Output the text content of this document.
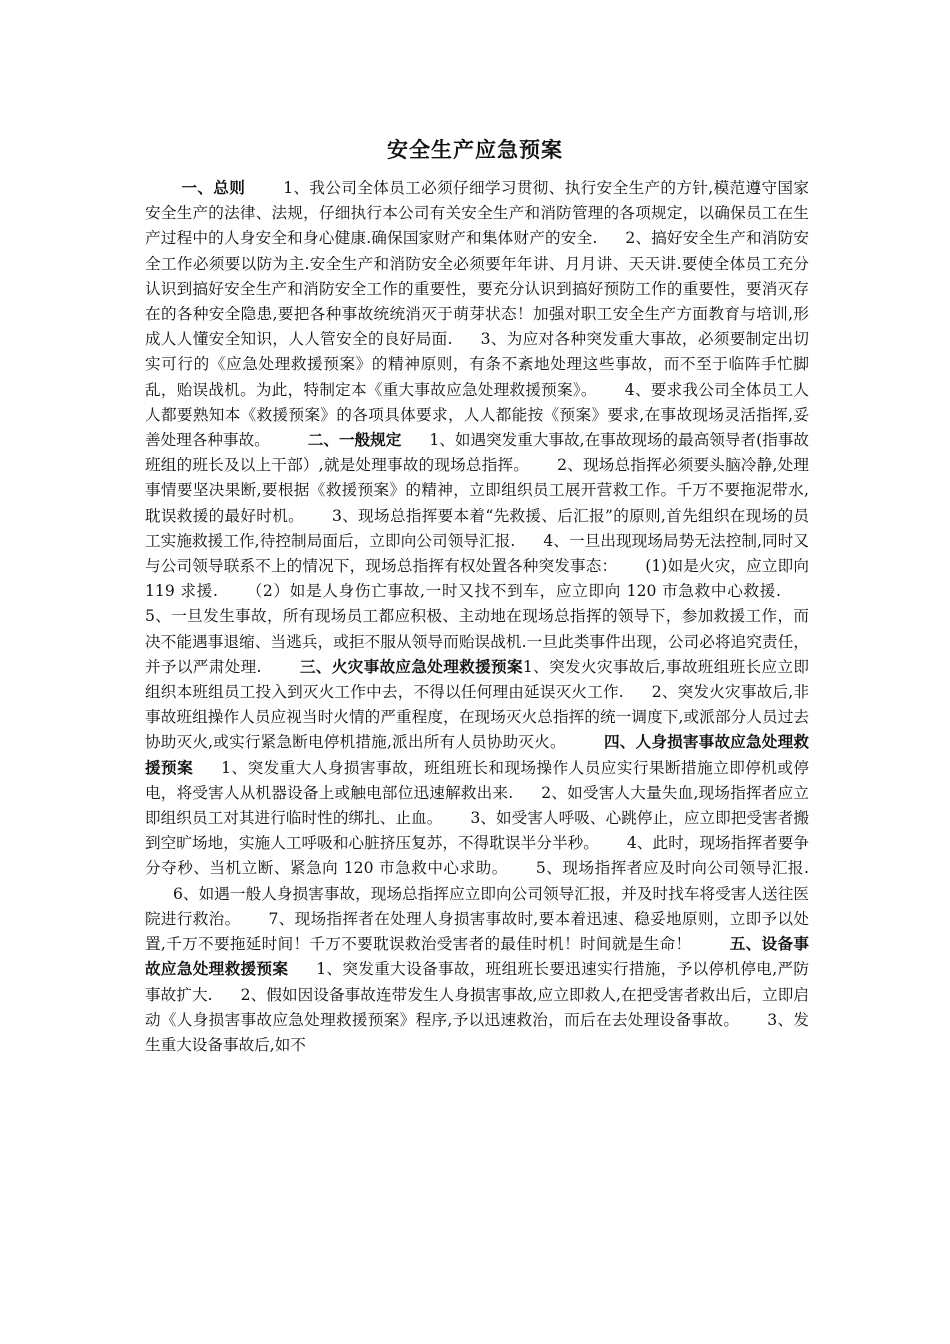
安全生产应急预案
一、总则 1、我公司全体员工必须仔细学习贯彻、执行安全生产的方针,模范遵守国家安全生产的法律、法规，仔细执行本公司有关安全生产和消防管理的各项规定，以确保员工在生产过程中的人身安全和身心健康.确保国家财产和集体财产的安全. 2、搞好安全生产和消防安全工作必须要以防为主.安全生产和消防安全必须要年年讲、月月讲、天天讲.要使全体员工充分认识到搞好安全生产和消防安全工作的重要性，要充分认识到搞好预防工作的重要性，要消灭存在的各种安全隐患,要把各种事故统统消灭于萌芽状态！加强对职工安全生产方面教育与培训,形成人人懂安全知识，人人管安全的良好局面. 3、为应对各种突发重大事故，必须要制定出切实可行的《应急处理救援预案》的精神原则，有条不紊地处理这些事故，而不至于临阵手忙脚乱，贻误战机。为此，特制定本《重大事故应急处理救援预案》。 4、要求我公司全体员工人人都要熟知本《救援预案》的各项具体要求，人人都能按《预案》要求,在事故现场灵活指挥,妥善处理各种事故。 二、一般规定 1、如遇突发重大事故,在事故现场的最高领导者(指事故班组的班长及以上干部）,就是处理事故的现场总指挥。 2、现场总指挥必须要头脑冷静,处理事情要坚决果断,要根据《救援预案》的精神，立即组织员工展开营救工作。千万不要拖泥带水,耽误救援的最好时机。 3、现场总指挥要本着“先救援、后汇报”的原则,首先组织在现场的员工实施救援工作,待控制局面后，立即向公司领导汇报. 4、一旦出现现场局势无法控制,同时又与公司领导联系不上的情况下，现场总指挥有权处置各种突发事态： (1)如是火灾，应立即向 119 求援. （2）如是人身伤亡事故,一时又找不到车，应立即向 120 市急救中心救援.5、一旦发生事故，所有现场员工都应积极、主动地在现场总指挥的领导下，参加救援工作，而决不能遇事退缩、当逃兵，或拒不服从领导而贻误战机.一旦此类事件出现，公司必将追究责任，并予以严肃处理. 三、火灾事故应急处理救援预案1、突发火灾事故后,事故班组班长应立即组织本班组员工投入到灭火工作中去，不得以任何理由延误灭火工作. 2、突发火灾事故后,非事故班组操作人员应视当时火情的严重程度，在现场灭火总指挥的统一调度下,或派部分人员过去协助灭火,或实行紧急断电停机措施,派出所有人员协助灭火。 四、人身损害事故应急处理救援预案 1、突发重大人身损害事故，班组班长和现场操作人员应实行果断措施立即停机或停电，将受害人从机器设备上或触电部位迅速解救出来. 2、如受害人大量失血,现场指挥者应立即组织员工对其进行临时性的绑扎、止血。 3、如受害人呼吸、心跳停止，应立即把受害者搬到空旷场地，实施人工呼吸和心脏挤压复苏，不得耽误半分半秒。 4、此时，现场指挥者要争分夺秒、当机立断、紧急向 120 市急救中心求助。 5、现场指挥者应及时向公司领导汇报.6、如遇一般人身损害事故，现场总指挥应立即向公司领导汇报，并及时找车将受害人送往医院进行救治。 7、现场指挥者在处理人身损害事故时,要本着迅速、稳妥地原则，立即予以处置,千万不要拖延时间！千万不要耽误救治受害者的最佳时机！时间就是生命！ 五、设备事故应急处理救援预案 1、突发重大设备事故，班组班长要迅速实行措施，予以停机停电,严防事故扩大. 2、假如因设备事故连带发生人身损害事故,应立即救人,在把受害者救出后，立即启动《人身损害事故应急处理救援预案》程序,予以迅速救治，而后在去处理设备事故。 3、发生重大设备事故后,如不
